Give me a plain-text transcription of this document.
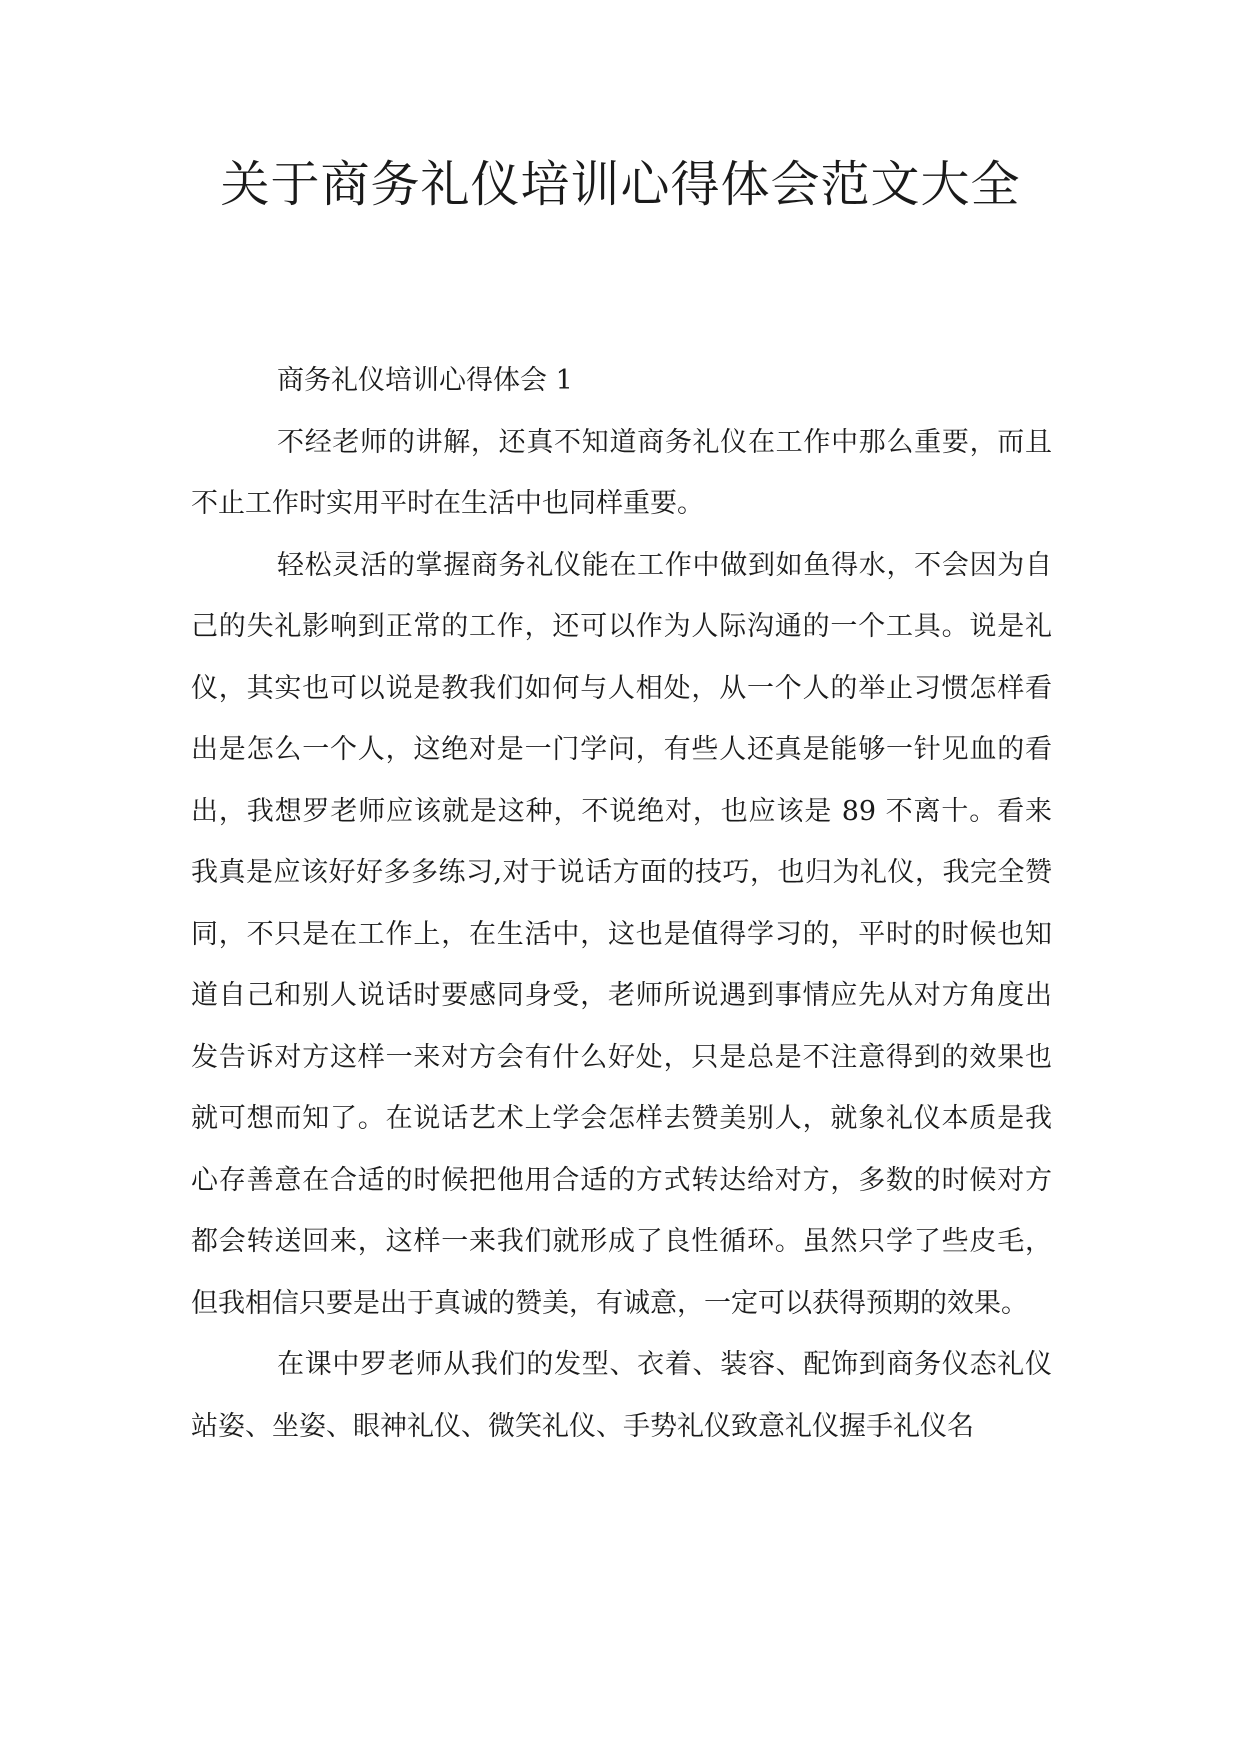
关于商务礼仪培训心得体会范文大全

商务礼仪培训心得体会 1

不经老师的讲解，还真不知道商务礼仪在工作中那么重要，而且不止工作时实用平时在生活中也同样重要。

轻松灵活的掌握商务礼仪能在工作中做到如鱼得水，不会因为自己的失礼影响到正常的工作，还可以作为人际沟通的一个工具。说是礼仪，其实也可以说是教我们如何与人相处，从一个人的举止习惯怎样看出是怎么一个人，这绝对是一门学问，有些人还真是能够一针见血的看出，我想罗老师应该就是这种，不说绝对，也应该是 89 不离十。看来我真是应该好好多多练习,对于说话方面的技巧，也归为礼仪，我完全赞同，不只是在工作上，在生活中，这也是值得学习的，平时的时候也知道自己和别人说话时要感同身受，老师所说遇到事情应先从对方角度出发告诉对方这样一来对方会有什么好处，只是总是不注意得到的效果也就可想而知了。在说话艺术上学会怎样去赞美别人，就象礼仪本质是我心存善意在合适的时候把他用合适的方式转达给对方，多数的时候对方都会转送回来，这样一来我们就形成了良性循环。虽然只学了些皮毛，但我相信只要是出于真诚的赞美，有诚意，一定可以获得预期的效果。

在课中罗老师从我们的发型、衣着、装容、配饰到商务仪态礼仪站姿、坐姿、眼神礼仪、微笑礼仪、手势礼仪致意礼仪握手礼仪名
